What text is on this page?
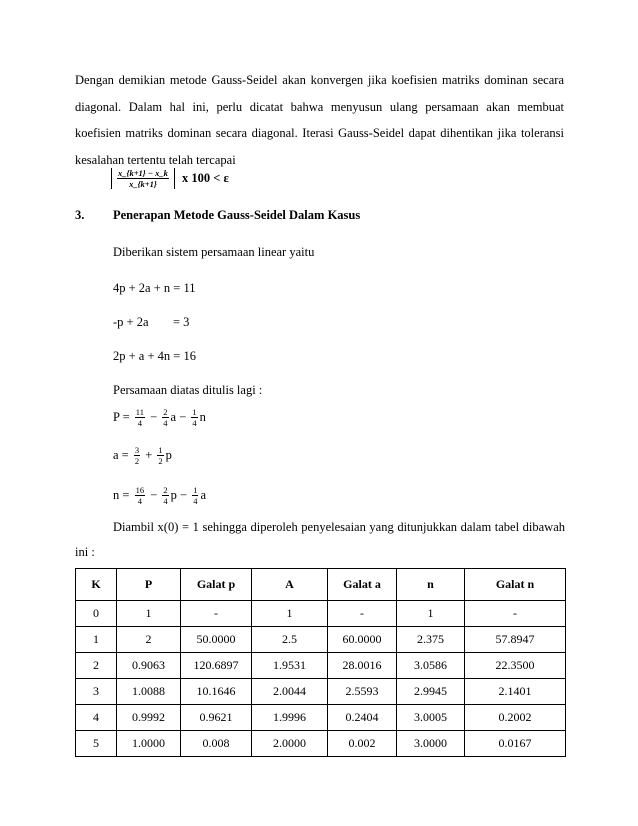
Dengan demikian metode Gauss-Seidel akan konvergen jika koefisien matriks dominan secara
diagonal. Dalam hal ini, perlu dicatat bahwa menyusun ulang persamaan akan membuat
koefisien matriks dominan secara diagonal. Iterasi Gauss-Seidel dapat dihentikan jika toleransi
kesalahan tertentu telah tercapai
$\frac{x\_\{k+1\} - x\_k}{x\_\{k+1\}}$ x 100 < ε
3. Penerapan Metode Gauss-Seidel Dalam Kasus
Diberikan sistem persamaan linear yaitu
4p + 2a + n = 11
-p + 2a = 3
2p + a + 4n = 16
Persamaan diatas ditulis lagi :
$P = \frac{11}{4} - \frac{2}{4}$ $a - \frac{1}{4}$ n
$a = \frac{3}{2} + \frac{1}{2}$ p
$n = \frac{16}{4} - \frac{2}{4}$ $p - \frac{1}{4}$ a
Diambil x(0) = 1 sehingga diperoleh penyelesaian yang ditunjukkan dalam tabel dibawah
ini :
K	P	Galat p	A	Galat a	n	Galat n
0	1	-	1	-	1	-
1	2	50.0000	2.5	60.0000	2.375	57.8947
2	0.9063	120.6897	1.9531	28.0016	3.0586	22.3500
3	1.0088	10.1646	2.0044	2.5593	2.9945	2.1401
4	0.9992	0.9621	1.9996	0.2404	3.0005	0.2002
5	1.0000	0.008	2.0000	0.002	3.0000	0.0167
